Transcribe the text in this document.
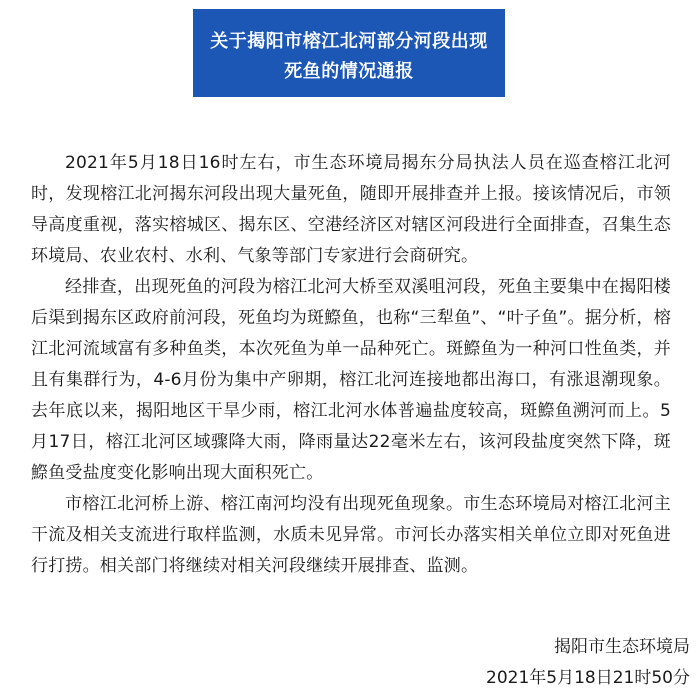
关于揭阳市榕江北河部分河段出现
死鱼的情况通报

2021年5月18日16时左右，市生态环境局揭东分局执法人员在巡查榕江北河时，发现榕江北河揭东河段出现大量死鱼，随即开展排查并上报。接该情况后，市领导高度重视，落实榕城区、揭东区、空港经济区对辖区河段进行全面排查，召集生态环境局、农业农村、水利、气象等部门专家进行会商研究。

经排查，出现死鱼的河段为榕江北河大桥至双溪咀河段，死鱼主要集中在揭阳楼后渠到揭东区政府前河段，死鱼均为斑鰶鱼，也称“三犁鱼”、“叶子鱼”。据分析，榕江北河流域富有多种鱼类，本次死鱼为单一品种死亡。斑鰶鱼为一种河口性鱼类，并且有集群行为，4-6月份为集中产卵期，榕江北河连接地都出海口，有涨退潮现象。去年底以来，揭阳地区干旱少雨，榕江北河水体普遍盐度较高，斑鰶鱼溯河而上。5月17日，榕江北河区域骤降大雨，降雨量达22毫米左右，该河段盐度突然下降，斑鰶鱼受盐度变化影响出现大面积死亡。

市榕江北河桥上游、榕江南河均没有出现死鱼现象。市生态环境局对榕江北河主干流及相关支流进行取样监测，水质未见异常。市河长办落实相关单位立即对死鱼进行打捞。相关部门将继续对相关河段继续开展排查、监测。

揭阳市生态环境局
2021年5月18日21时50分
